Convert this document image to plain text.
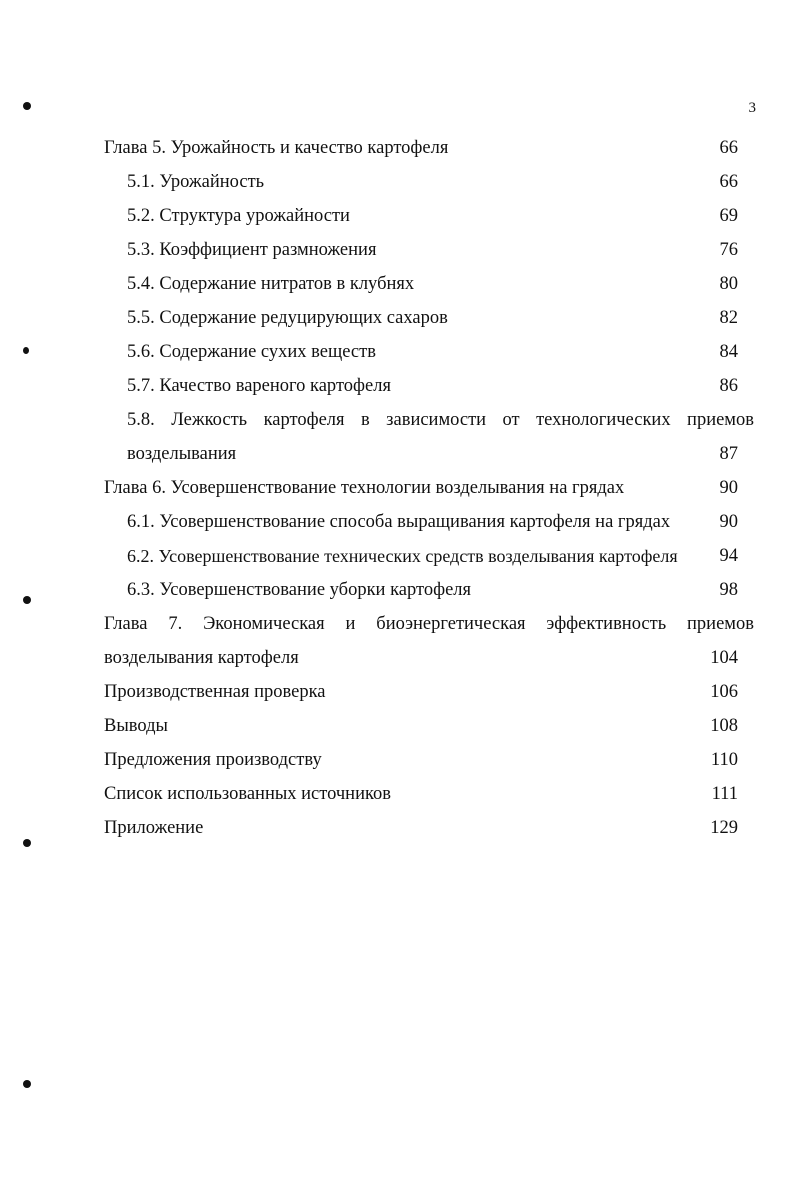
3
Глава 5. Урожайность и качество картофеля	66
5.1. Урожайность	66
5.2. Структура урожайности	69
5.3. Коэффициент размножения	76
5.4. Содержание нитратов в клубнях	80
5.5. Содержание редуцирующих сахаров	82
5.6. Содержание сухих веществ	84
5.7. Качество вареного картофеля	86
5.8. Лежкость картофеля в зависимости от технологических приемов
возделывания	87
Глава 6. Усовершенствование технологии возделывания на грядах	90
6.1. Усовершенствование способа выращивания картофеля на грядах	90
6.2. Усовершенствование технических средств возделывания картофеля	94
6.3. Усовершенствование уборки картофеля	98
Глава 7. Экономическая и биоэнергетическая эффективность приемов
возделывания картофеля	104
Производственная проверка	106
Выводы	108
Предложения производству	110
Список использованных источников	111
Приложение	129
